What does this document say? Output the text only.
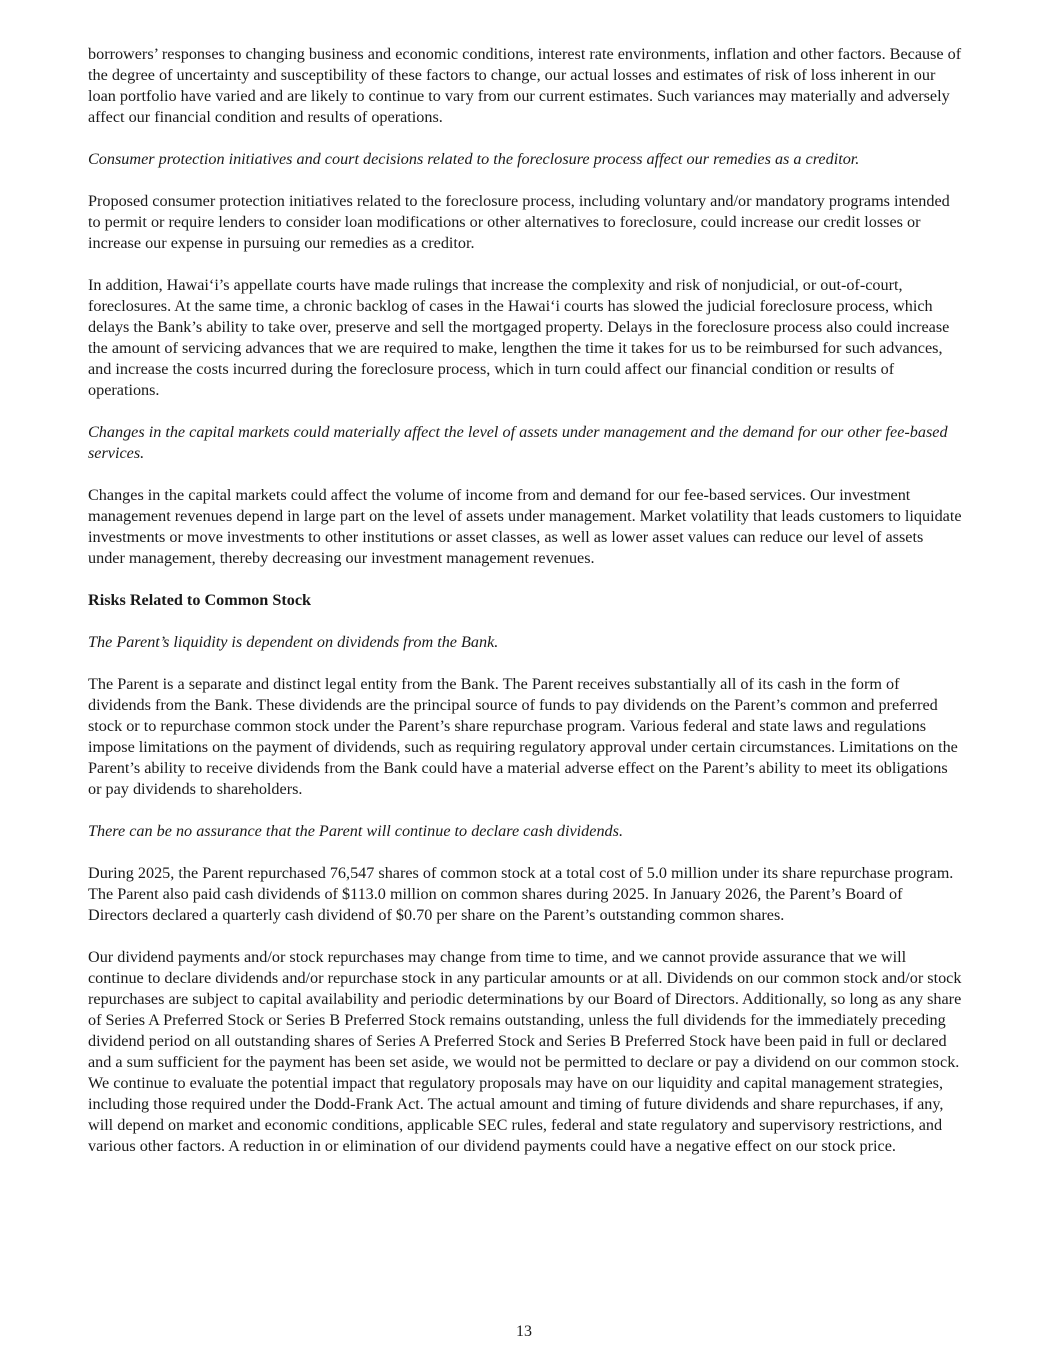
borrowers’ responses to changing business and economic conditions, interest rate environments, inflation and other factors. Because of the degree of uncertainty and susceptibility of these factors to change, our actual losses and estimates of risk of loss inherent in our loan portfolio have varied and are likely to continue to vary from our current estimates. Such variances may materially and adversely affect our financial condition and results of operations.

Consumer protection initiatives and court decisions related to the foreclosure process affect our remedies as a creditor.

Proposed consumer protection initiatives related to the foreclosure process, including voluntary and/or mandatory programs intended to permit or require lenders to consider loan modifications or other alternatives to foreclosure, could increase our credit losses or increase our expense in pursuing our remedies as a creditor.

In addition, Hawai‘i’s appellate courts have made rulings that increase the complexity and risk of nonjudicial, or out-of-court, foreclosures. At the same time, a chronic backlog of cases in the Hawai‘i courts has slowed the judicial foreclosure process, which delays the Bank’s ability to take over, preserve and sell the mortgaged property. Delays in the foreclosure process also could increase the amount of servicing advances that we are required to make, lengthen the time it takes for us to be reimbursed for such advances, and increase the costs incurred during the foreclosure process, which in turn could affect our financial condition or results of operations.

Changes in the capital markets could materially affect the level of assets under management and the demand for our other fee-based services.

Changes in the capital markets could affect the volume of income from and demand for our fee-based services. Our investment management revenues depend in large part on the level of assets under management. Market volatility that leads customers to liquidate investments or move investments to other institutions or asset classes, as well as lower asset values can reduce our level of assets under management, thereby decreasing our investment management revenues.

Risks Related to Common Stock

The Parent’s liquidity is dependent on dividends from the Bank.

The Parent is a separate and distinct legal entity from the Bank. The Parent receives substantially all of its cash in the form of dividends from the Bank. These dividends are the principal source of funds to pay dividends on the Parent’s common and preferred stock or to repurchase common stock under the Parent’s share repurchase program. Various federal and state laws and regulations impose limitations on the payment of dividends, such as requiring regulatory approval under certain circumstances. Limitations on the Parent’s ability to receive dividends from the Bank could have a material adverse effect on the Parent’s ability to meet its obligations or pay dividends to shareholders.

There can be no assurance that the Parent will continue to declare cash dividends.

During 2025, the Parent repurchased 76,547 shares of common stock at a total cost of 5.0 million under its share repurchase program. The Parent also paid cash dividends of $113.0 million on common shares during 2025. In January 2026, the Parent’s Board of Directors declared a quarterly cash dividend of $0.70 per share on the Parent’s outstanding common shares.

Our dividend payments and/or stock repurchases may change from time to time, and we cannot provide assurance that we will continue to declare dividends and/or repurchase stock in any particular amounts or at all. Dividends on our common stock and/or stock repurchases are subject to capital availability and periodic determinations by our Board of Directors. Additionally, so long as any share of Series A Preferred Stock or Series B Preferred Stock remains outstanding, unless the full dividends for the immediately preceding dividend period on all outstanding shares of Series A Preferred Stock and Series B Preferred Stock have been paid in full or declared and a sum sufficient for the payment has been set aside, we would not be permitted to declare or pay a dividend on our common stock. We continue to evaluate the potential impact that regulatory proposals may have on our liquidity and capital management strategies, including those required under the Dodd-Frank Act. The actual amount and timing of future dividends and share repurchases, if any, will depend on market and economic conditions, applicable SEC rules, federal and state regulatory and supervisory restrictions, and various other factors. A reduction in or elimination of our dividend payments could have a negative effect on our stock price.

13
